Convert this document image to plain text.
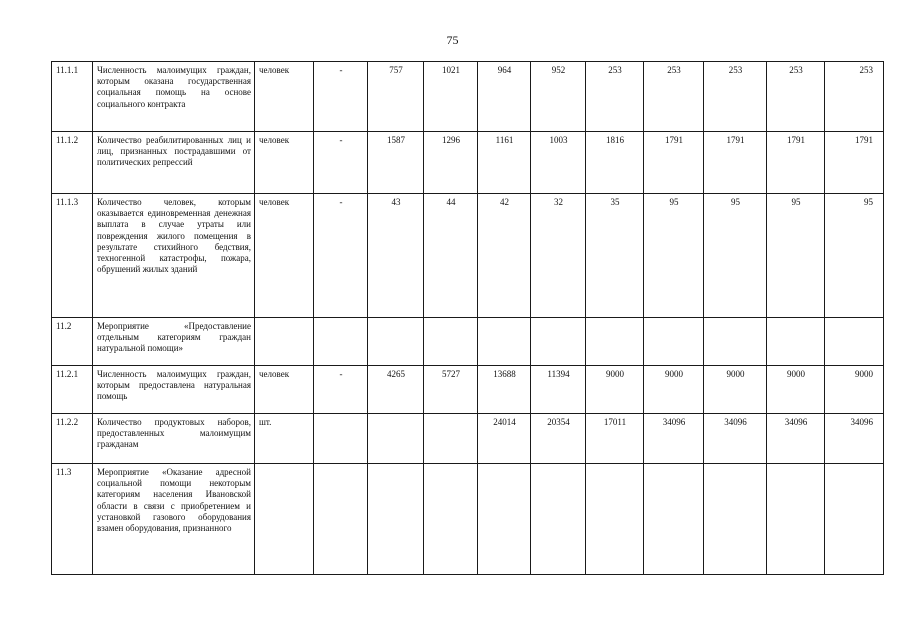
75
11.1.1	Численность малоимущих граждан, которым оказана государственная социальная помощь на основе социального контракта	человек	-	757	1021	964	952	253	253	253	253	253
11.1.2	Количество реабилитированных лиц и лиц, признанных пострадавшими от политических репрессий	человек	-	1587	1296	1161	1003	1816	1791	1791	1791	1791
11.1.3	Количество человек, которым оказывается единовременная денежная выплата в случае утраты или повреждения жилого помещения в результате стихийного бедствия, техногенной катастрофы, пожара, обрушений жилых зданий	человек	-	43	44	42	32	35	95	95	95	95
11.2	Мероприятие «Предоставление отдельным категориям граждан натуральной помощи»											
11.2.1	Численность малоимущих граждан, которым предоставлена натуральная помощь	человек	-	4265	5727	13688	11394	9000	9000	9000	9000	9000
11.2.2	Количество продуктовых наборов, предоставленных малоимущим гражданам	шт.				24014	20354	17011	34096	34096	34096	34096
11.3	Мероприятие «Оказание адресной социальной помощи некоторым категориям населения Ивановской области в связи с приобретением и установкой газового оборудования взамен оборудования, признанного											
